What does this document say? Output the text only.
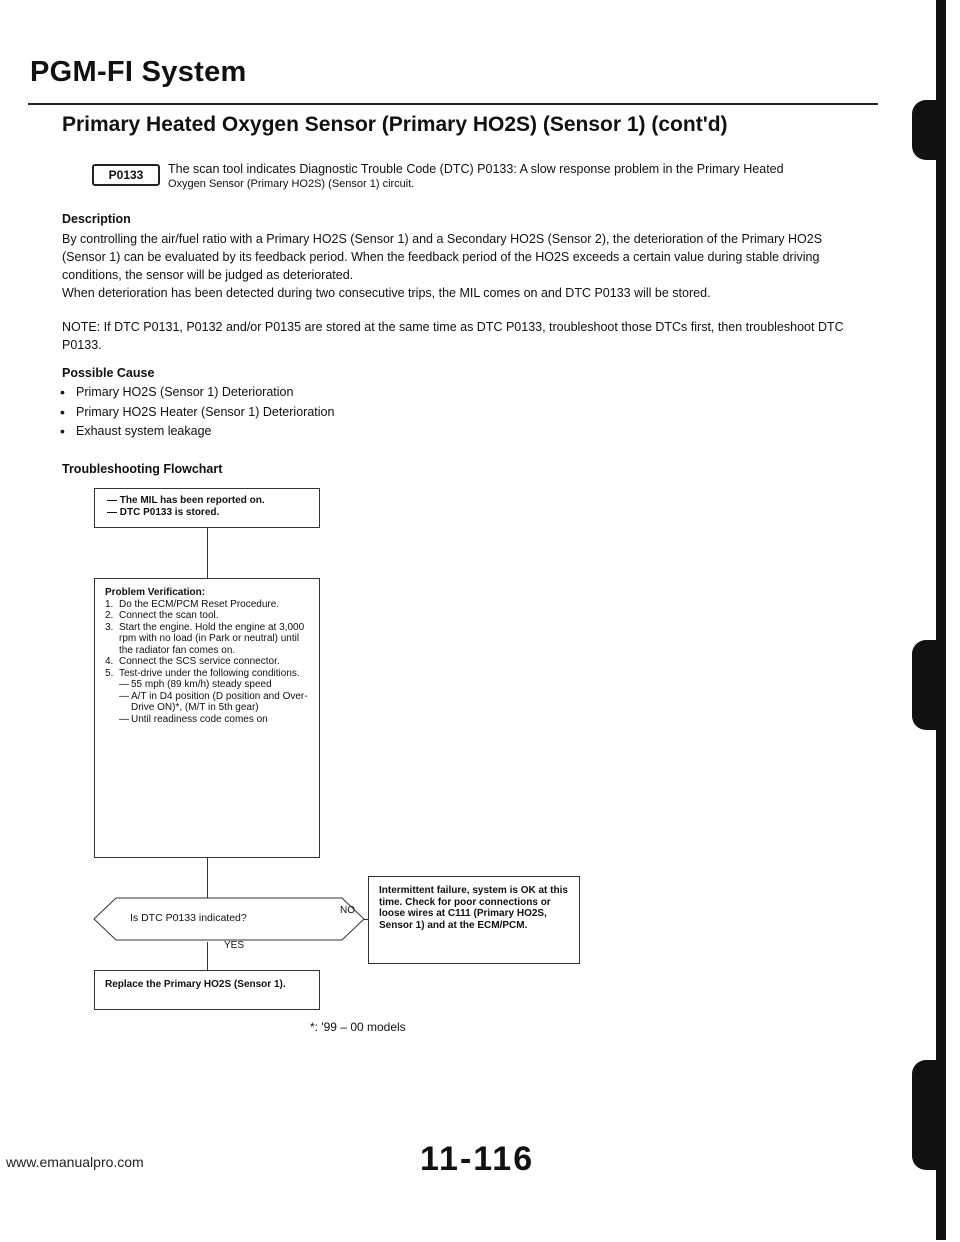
PGM-FI System
Primary Heated Oxygen Sensor (Primary HO2S) (Sensor 1) (cont'd)
P0133	The scan tool indicates Diagnostic Trouble Code (DTC) P0133: A slow response problem in the Primary Heated
Oxygen Sensor (Primary HO2S) (Sensor 1) circuit.
Description
By controlling the air/fuel ratio with a Primary HO2S (Sensor 1) and a Secondary HO2S (Sensor 2), the deterioration of the Primary HO2S (Sensor 1) can be evaluated by its feedback period. When the feedback period of the HO2S exceeds a certain value during stable driving conditions, the sensor will be judged as deteriorated.
When deterioration has been detected during two consecutive trips, the MIL comes on and DTC P0133 will be stored.
NOTE: If DTC P0131, P0132 and/or P0135 are stored at the same time as DTC P0133, troubleshoot those DTCs first, then troubleshoot DTC P0133.
Possible Cause
• Primary HO2S (Sensor 1) Deterioration
• Primary HO2S Heater (Sensor 1) Deterioration
• Exhaust system leakage
Troubleshooting Flowchart
— The MIL has been reported on.
— DTC P0133 is stored.
Problem Verification:
1. Do the ECM/PCM Reset Procedure.
2. Connect the scan tool.
3. Start the engine. Hold the engine at 3,000 rpm with no load (in Park or neutral) until the radiator fan comes on.
4. Connect the SCS service connector.
5. Test-drive under the following conditions.
— 55 mph (89 km/h) steady speed
— A/T in D4 position (D position and Over-Drive ON)*, (M/T in 5th gear)
— Until readiness code comes on
Is DTC P0133 indicated?
NO
Intermittent failure, system is OK at this time. Check for poor connections or loose wires at C111 (Primary HO2S, Sensor 1) and at the ECM/PCM.
YES
Replace the Primary HO2S (Sensor 1).
*: '99 – 00 models
11-116
www.emanualpro.com
